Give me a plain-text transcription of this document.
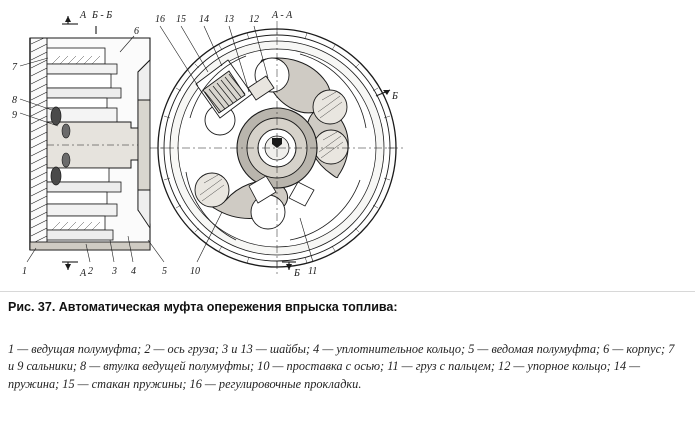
A Б - Б	A - A
Б
A	Б
7
8
9
6
1	2 3 4	5
16 15 14 13 12
10	11
Рис. 37. Автоматическая муфта опережения впрыска топлива:
1 — ведущая полумуфта; 2 — ось груза; 3 и 13 — шайбы; 4 — уплотнительное кольцо; 5 — ведомая полумуфта; 6 — корпус; 7 и 9 сальники; 8 — втулка ведущей полумуфты; 10 — проставка с осью; 11 — груз с пальцем; 12 — упорное кольцо; 14 — пружина; 15 — стакан пружины; 16 — регулировочные прокладки.
